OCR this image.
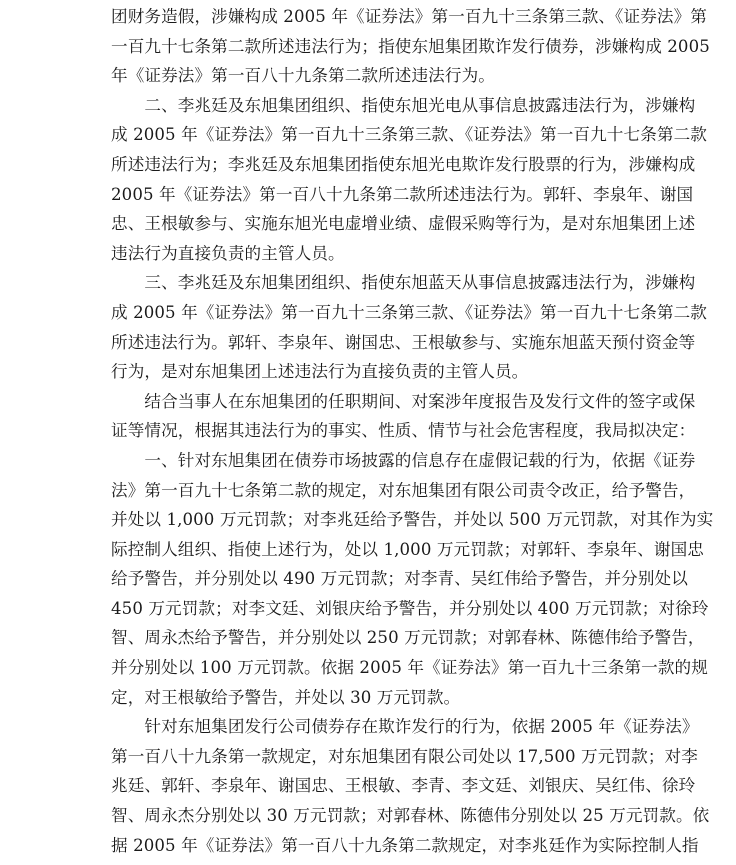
团财务造假，涉嫌构成 2005 年《证券法》第一百九十三条第三款、《证券法》第
一百九十七条第二款所述违法行为；指使东旭集团欺诈发行债券，涉嫌构成 2005
年《证券法》第一百八十九条第二款所述违法行为。
　　二、李兆廷及东旭集团组织、指使东旭光电从事信息披露违法行为，涉嫌构
成 2005 年《证券法》第一百九十三条第三款、《证券法》第一百九十七条第二款
所述违法行为；李兆廷及东旭集团指使东旭光电欺诈发行股票的行为，涉嫌构成
2005 年《证券法》第一百八十九条第二款所述违法行为。郭轩、李泉年、谢国
忠、王根敏参与、实施东旭光电虚增业绩、虚假采购等行为，是对东旭集团上述
违法行为直接负责的主管人员。
　　三、李兆廷及东旭集团组织、指使东旭蓝天从事信息披露违法行为，涉嫌构
成 2005 年《证券法》第一百九十三条第三款、《证券法》第一百九十七条第二款
所述违法行为。郭轩、李泉年、谢国忠、王根敏参与、实施东旭蓝天预付资金等
行为，是对东旭集团上述违法行为直接负责的主管人员。
　　结合当事人在东旭集团的任职期间、对案涉年度报告及发行文件的签字或保
证等情况，根据其违法行为的事实、性质、情节与社会危害程度，我局拟决定：
　　一、针对东旭集团在债券市场披露的信息存在虚假记载的行为，依据《证券
法》第一百九十七条第二款的规定，对东旭集团有限公司责令改正，给予警告，
并处以 1,000 万元罚款；对李兆廷给予警告，并处以 500 万元罚款，对其作为实
际控制人组织、指使上述行为，处以 1,000 万元罚款；对郭轩、李泉年、谢国忠
给予警告，并分别处以 490 万元罚款；对李青、吴红伟给予警告，并分别处以
450 万元罚款；对李文廷、刘银庆给予警告，并分别处以 400 万元罚款；对徐玲
智、周永杰给予警告，并分别处以 250 万元罚款；对郭春林、陈德伟给予警告，
并分别处以 100 万元罚款。依据 2005 年《证券法》第一百九十三条第一款的规
定，对王根敏给予警告，并处以 30 万元罚款。
　　针对东旭集团发行公司债券存在欺诈发行的行为，依据 2005 年《证券法》
第一百八十九条第一款规定，对东旭集团有限公司处以 17,500 万元罚款；对李
兆廷、郭轩、李泉年、谢国忠、王根敏、李青、李文廷、刘银庆、吴红伟、徐玲
智、周永杰分别处以 30 万元罚款；对郭春林、陈德伟分别处以 25 万元罚款。依
据 2005 年《证券法》第一百八十九条第二款规定，对李兆廷作为实际控制人指
